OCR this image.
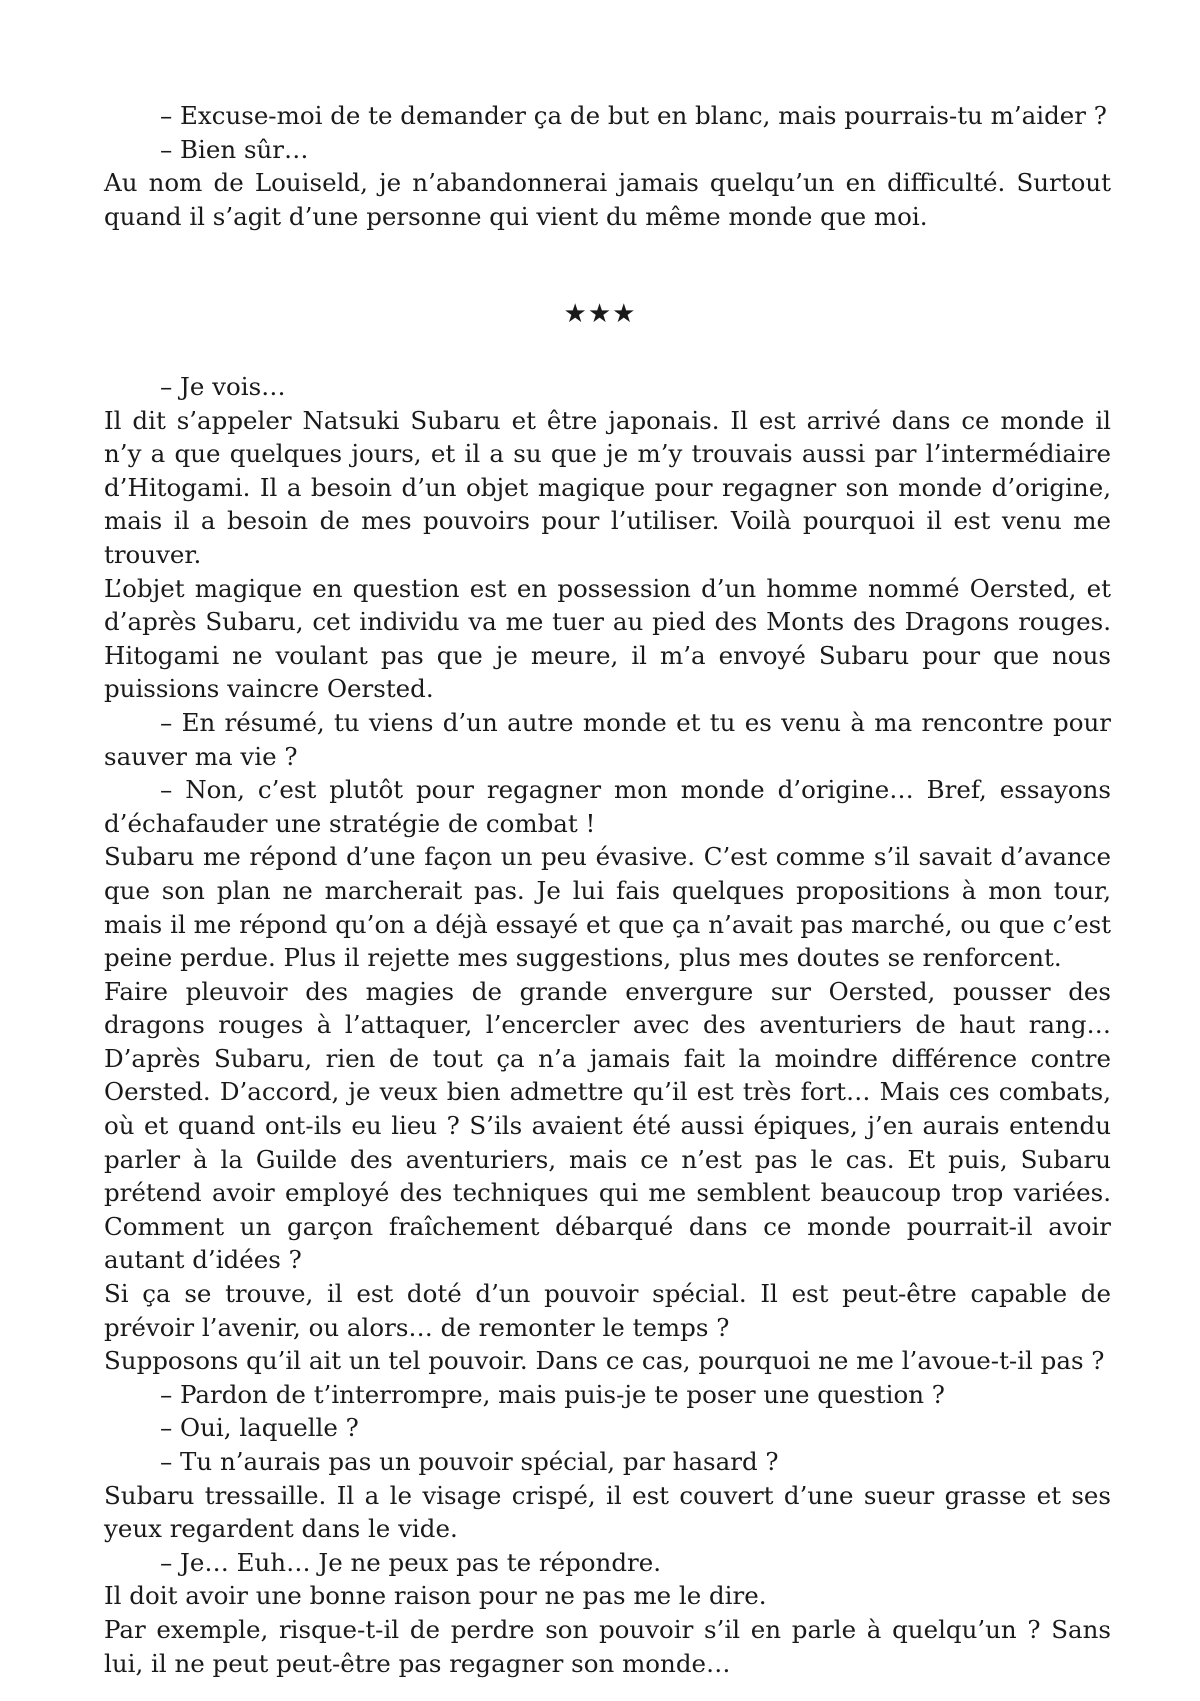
– Excuse-moi de te demander ça de but en blanc, mais pourrais-tu m’aider ?

– Bien sûr…

Au nom de Louiseld, je n’abandonnerai jamais quelqu’un en difficulté. Surtout quand il s’agit d’une personne qui vient du même monde que moi.

★★★

– Je vois…

Il dit s’appeler Natsuki Subaru et être japonais. Il est arrivé dans ce monde il n’y a que quelques jours, et il a su que je m’y trouvais aussi par l’intermédiaire d’Hitogami. Il a besoin d’un objet magique pour regagner son monde d’origine, mais il a besoin de mes pouvoirs pour l’utiliser. Voilà pourquoi il est venu me trouver.

L’objet magique en question est en possession d’un homme nommé Oersted, et d’après Subaru, cet individu va me tuer au pied des Monts des Dragons rouges. Hitogami ne voulant pas que je meure, il m’a envoyé Subaru pour que nous puissions vaincre Oersted.

– En résumé, tu viens d’un autre monde et tu es venu à ma rencontre pour sauver ma vie ?

– Non, c’est plutôt pour regagner mon monde d’origine… Bref, essayons d’échafauder une stratégie de combat !

Subaru me répond d’une façon un peu évasive. C’est comme s’il savait d’avance que son plan ne marcherait pas. Je lui fais quelques propositions à mon tour, mais il me répond qu’on a déjà essayé et que ça n’avait pas marché, ou que c’est peine perdue. Plus il rejette mes suggestions, plus mes doutes se renforcent.

Faire pleuvoir des magies de grande envergure sur Oersted, pousser des dragons rouges à l’attaquer, l’encercler avec des aventuriers de haut rang… D’après Subaru, rien de tout ça n’a jamais fait la moindre différence contre Oersted. D’accord, je veux bien admettre qu’il est très fort… Mais ces combats, où et quand ont-ils eu lieu ? S’ils avaient été aussi épiques, j’en aurais entendu parler à la Guilde des aventuriers, mais ce n’est pas le cas. Et puis, Subaru prétend avoir employé des techniques qui me semblent beaucoup trop variées. Comment un garçon fraîchement débarqué dans ce monde pourrait-il avoir autant d’idées ?

Si ça se trouve, il est doté d’un pouvoir spécial. Il est peut-être capable de prévoir l’avenir, ou alors… de remonter le temps ?

Supposons qu’il ait un tel pouvoir. Dans ce cas, pourquoi ne me l’avoue-t-il pas ?

– Pardon de t’interrompre, mais puis-je te poser une question ?

– Oui, laquelle ?

– Tu n’aurais pas un pouvoir spécial, par hasard ?

Subaru tressaille. Il a le visage crispé, il est couvert d’une sueur grasse et ses yeux regardent dans le vide.

– Je… Euh… Je ne peux pas te répondre.

Il doit avoir une bonne raison pour ne pas me le dire.

Par exemple, risque-t-il de perdre son pouvoir s’il en parle à quelqu’un ? Sans lui, il ne peut peut-être pas regagner son monde…
